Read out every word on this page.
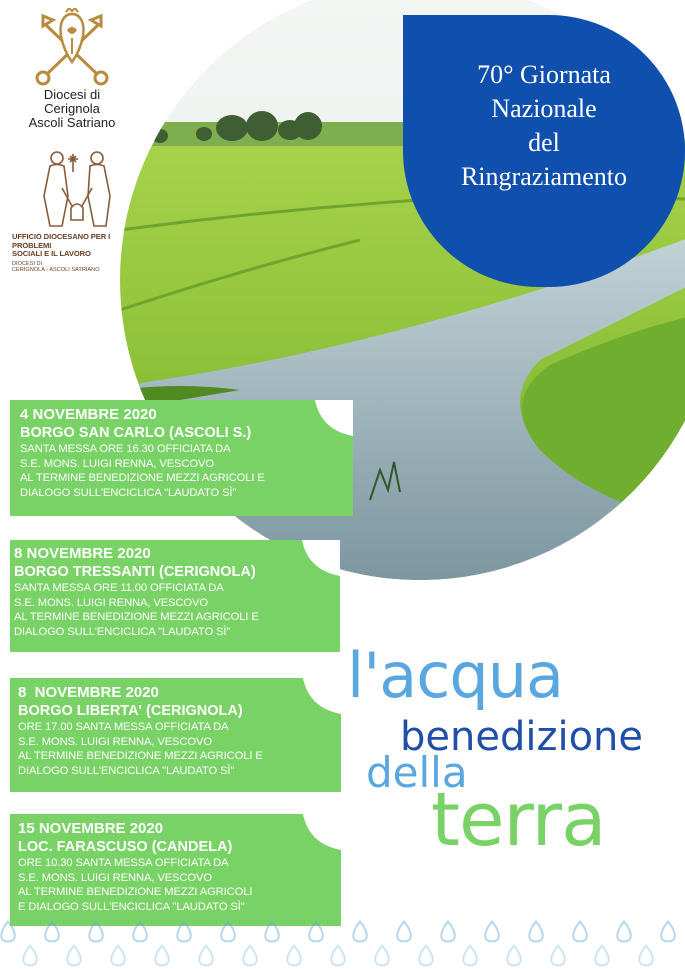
Diocesi di
Cerignola
Ascoli Satriano
UFFICIO DIOCESANO PER I PROBLEMI
SOCIALI E IL LAVORO
DIOCESI DI
CERIGNOLA - ASCOLI SATRIANO
70° Giornata
Nazionale
del
Ringraziamento
4 NOVEMBRE 2020
BORGO SAN CARLO (ASCOLI S.)
SANTA MESSA ORE 16.30 OFFICIATA DA
S.E. MONS. LUIGI RENNA, VESCOVO
AL TERMINE BENEDIZIONE MEZZI AGRICOLI E
DIALOGO SULL'ENCICLICA "LAUDATO SÌ"
8 NOVEMBRE 2020
BORGO TRESSANTI (CERIGNOLA)
SANTA MESSA ORE 11.00 OFFICIATA DA
S.E. MONS. LUIGI RENNA, VESCOVO
AL TERMINE BENEDIZIONE MEZZI AGRICOLI E
DIALOGO SULL'ENCICLICA "LAUDATO SÌ"
8  NOVEMBRE 2020
BORGO LIBERTA' (CERIGNOLA)
ORE 17.00 SANTA MESSA OFFICIATA DA
S.E. MONS. LUIGI RENNA, VESCOVO
AL TERMINE BENEDIZIONE MEZZI AGRICOLI E
DIALOGO SULL'ENCICLICA "LAUDATO SÌ"
15 NOVEMBRE 2020
LOC. FARASCUSO (CANDELA)
ORE 10.30 SANTA MESSA OFFICIATA DA
S.E. MONS. LUIGI RENNA, VESCOVO
AL TERMINE BENEDIZIONE MEZZI AGRICOLI
E DIALOGO SULL'ENCICLICA "LAUDATO SÌ"
l'acqua
benedizione
della
terra
